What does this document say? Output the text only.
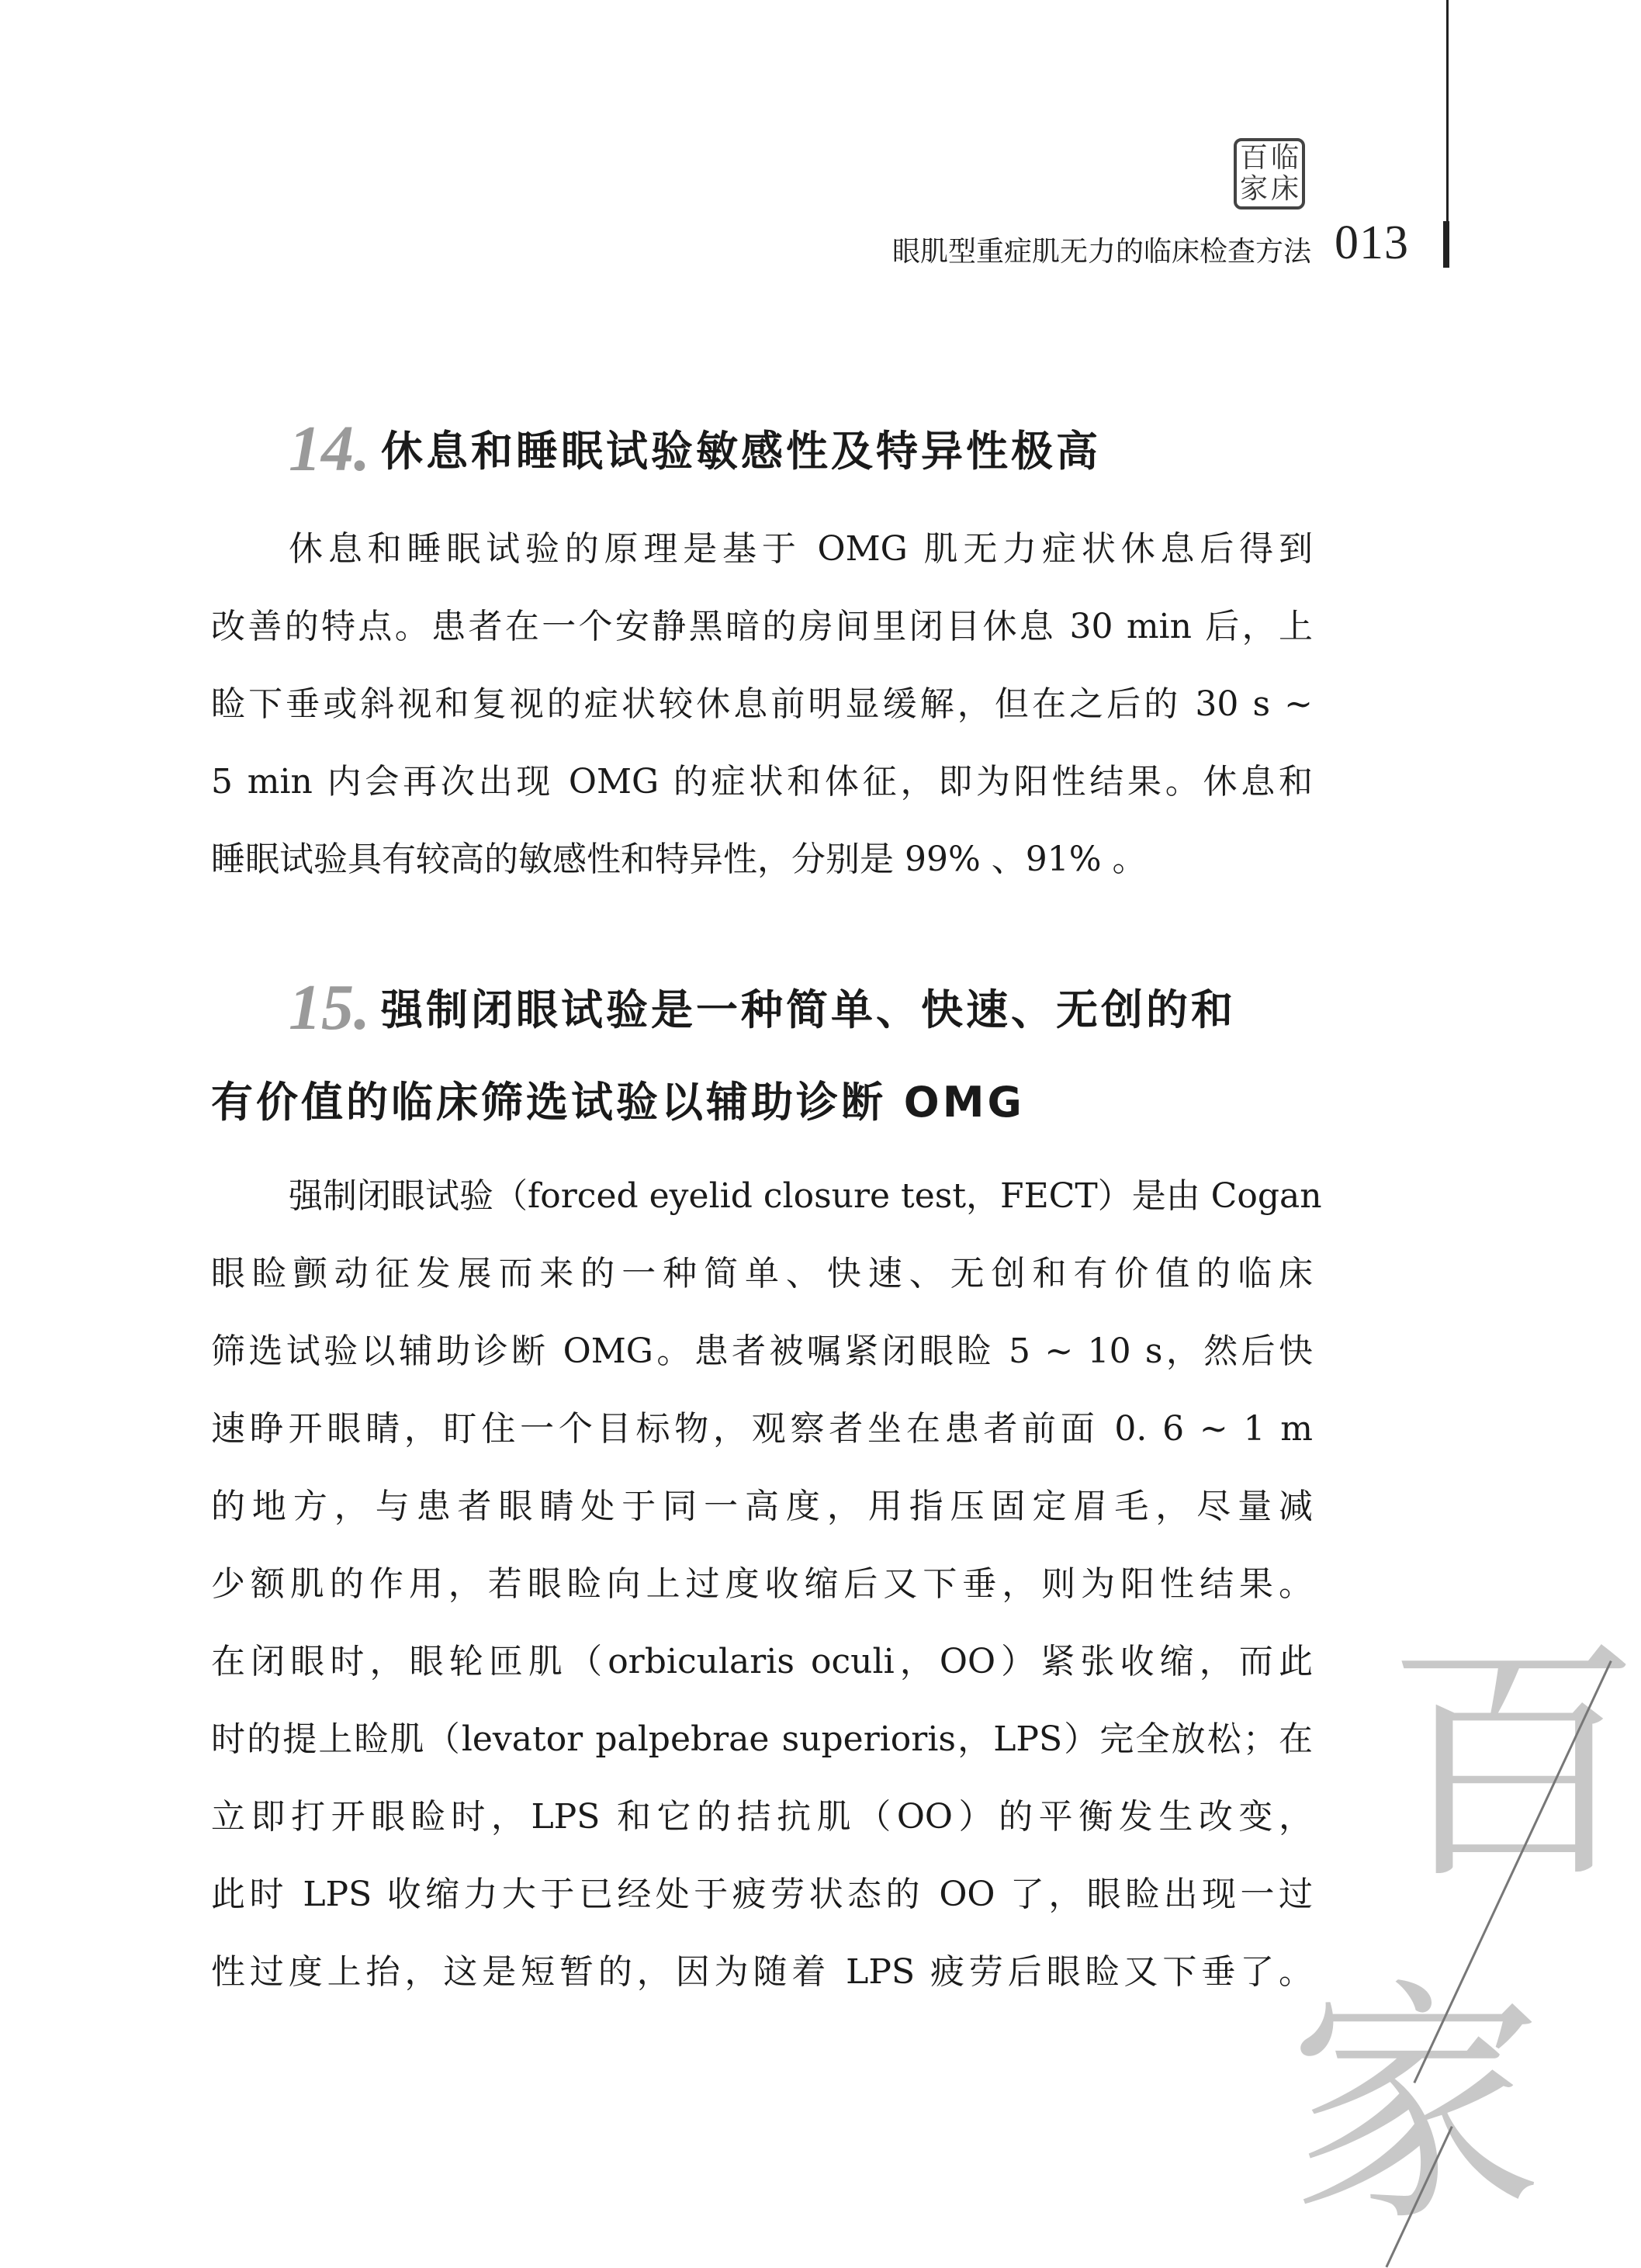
百 临
家 床
眼肌型重症肌无力的临床检查方法 013
14. 休息和睡眠试验敏感性及特异性极高
休息和睡眠试验的原理是基于 OMG 肌无力症状休息后得到
改善的特点。患者在一个安静黑暗的房间里闭目休息 30 min 后，上
睑下垂或斜视和复视的症状较休息前明显缓解，但在之后的 30 s ~
5 min 内会再次出现 OMG 的症状和体征，即为阳性结果。休息和
睡眠试验具有较高的敏感性和特异性，分别是 99% 、91% 。
15. 强制闭眼试验是一种简单、快速、无创的和
有价值的临床筛选试验以辅助诊断 OMG
强制闭眼试验（forced eyelid closure test，FECT）是由 Cogan
眼睑颤动征发展而来的一种简单、快速、无创和有价值的临床
筛选试验以辅助诊断 OMG。患者被嘱紧闭眼睑 5 ~ 10 s，然后快
速睁开眼睛，盯住一个目标物，观察者坐在患者前面 0. 6 ~ 1 m
的地方，与患者眼睛处于同一高度，用指压固定眉毛，尽量减
少额肌的作用，若眼睑向上过度收缩后又下垂，则为阳性结果。
在闭眼时，眼轮匝肌（orbicularis oculi，OO）紧张收缩，而此
时的提上睑肌（levator palpebrae superioris，LPS）完全放松；在
立即打开眼睑时，LPS 和它的拮抗肌（OO）的平衡发生改变，
此时 LPS 收缩力大于已经处于疲劳状态的 OO 了，眼睑出现一过
性过度上抬，这是短暂的，因为随着 LPS 疲劳后眼睑又下垂了。
百
家
